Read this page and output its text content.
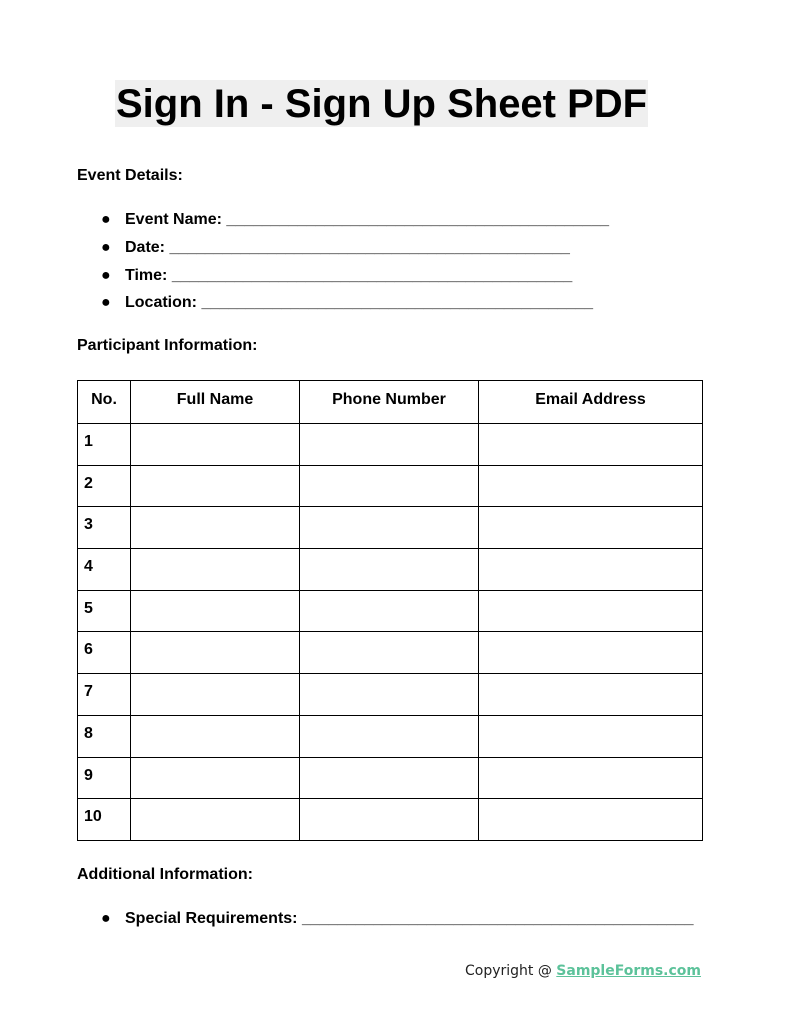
Sign In - Sign Up Sheet PDF
Event Details:
● Event Name: ___________________________________________
● Date: _____________________________________________
● Time: _____________________________________________
● Location: ____________________________________________
Participant Information:
No.	Full Name	Phone Number	Email Address
1			
2			
3			
4			
5			
6			
7			
8			
9			
10			
Additional Information:
● Special Requirements: ____________________________________________
Copyright @ SampleForms.com
